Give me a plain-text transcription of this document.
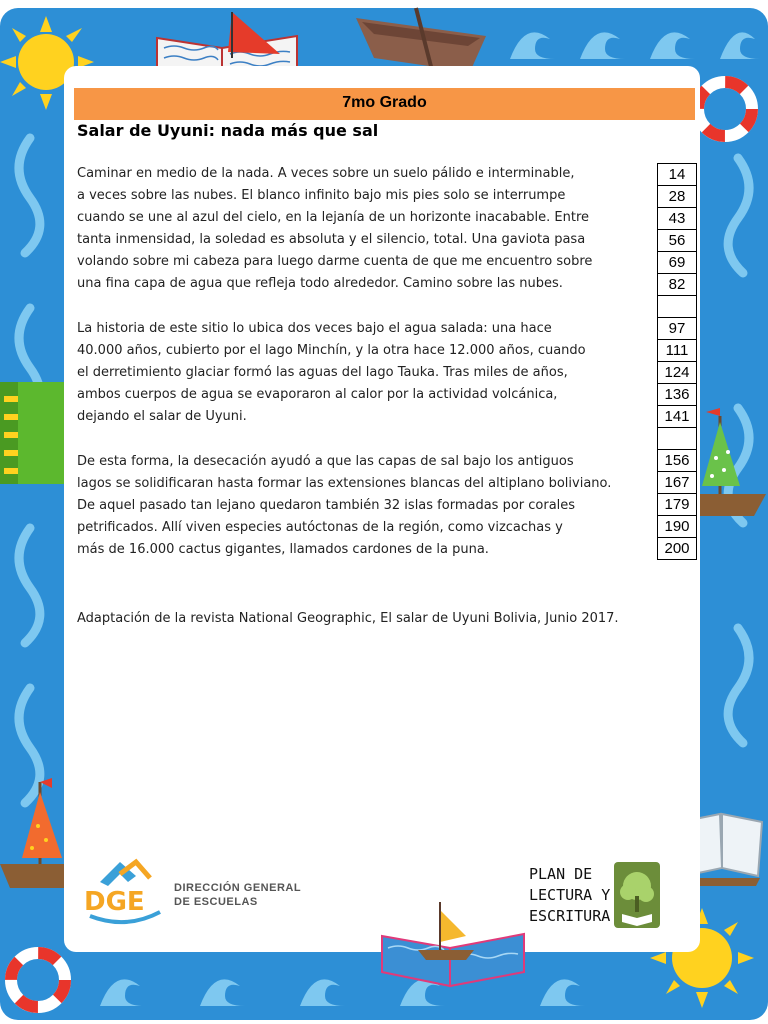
7mo Grado
Salar de Uyuni: nada más que sal
Caminar en medio de la nada. A veces sobre un suelo pálido e interminable,
a veces sobre las nubes. El blanco infinito bajo mis pies solo se interrumpe
cuando se une al azul del cielo, en la lejanía de un horizonte inacabable. Entre
tanta inmensidad, la soledad es absoluta y el silencio, total. Una gaviota pasa
volando sobre mi cabeza para luego darme cuenta de que me encuentro sobre
una fina capa de agua que refleja todo alrededor. Camino sobre las nubes.
La historia de este sitio lo ubica dos veces bajo el agua salada: una hace
40.000 años, cubierto por el lago Minchín, y la otra hace 12.000 años, cuando
el derretimiento glaciar formó las aguas del lago Tauka. Tras miles de años,
ambos cuerpos de agua se evaporaron al calor por la actividad volcánica,
dejando el salar de Uyuni.
De esta forma, la desecación ayudó a que las capas de sal bajo los antiguos
lagos se solidificaran hasta formar las extensiones blancas del altiplano boliviano.
De aquel pasado tan lejano quedaron también 32 islas formadas por corales
petrificados. Allí viven especies autóctonas de la región, como vizcachas y
más de 16.000 cactus gigantes, llamados cardones de la puna.
14
28
43
56
69
82
97
111
124
136
141
156
167
179
190
200
Adaptación de la revista National Geographic, El salar de Uyuni Bolivia, Junio 2017.
DGE	DIRECCIÓN GENERAL
DE ESCUELAS
PLAN DE
LECTURA Y
ESCRITURA
